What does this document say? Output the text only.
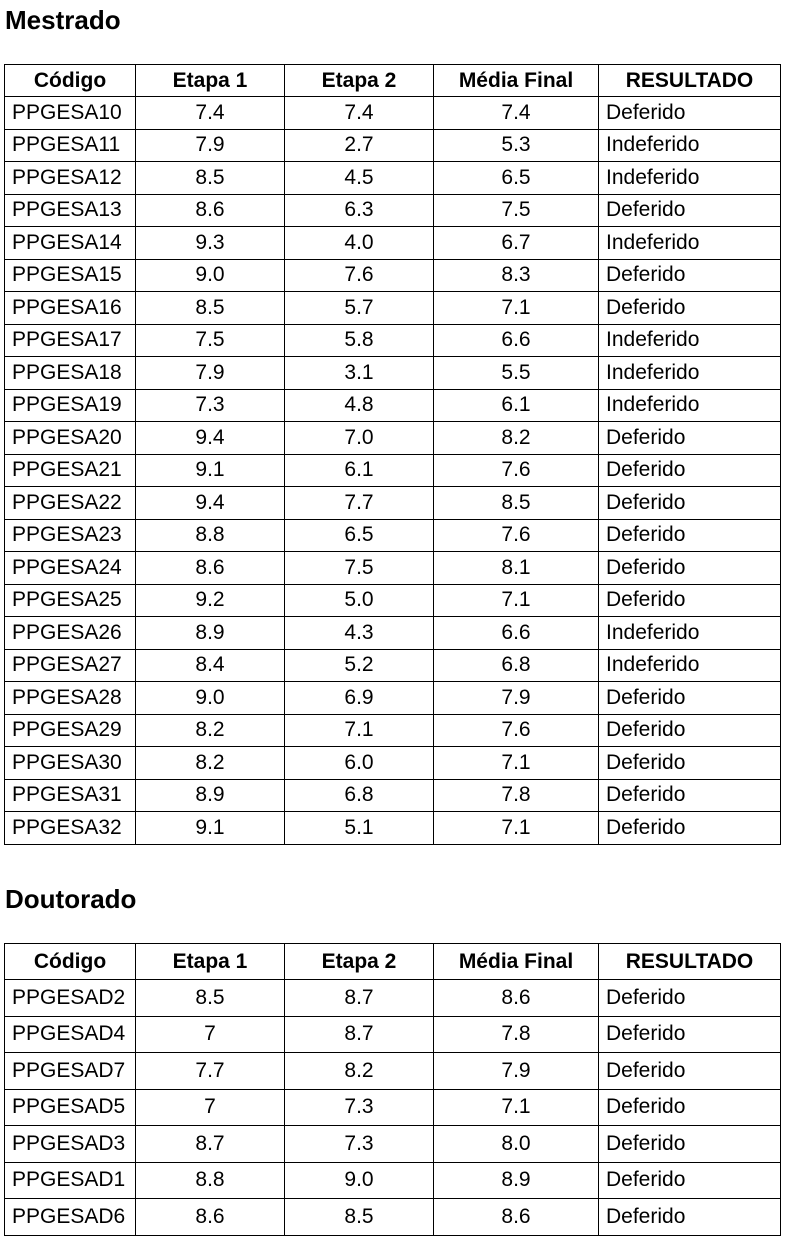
Mestrado
Código	Etapa 1	Etapa 2	Média Final	RESULTADO
PPGESA10	7.4	7.4	7.4	Deferido
PPGESA11	7.9	2.7	5.3	Indeferido
PPGESA12	8.5	4.5	6.5	Indeferido
PPGESA13	8.6	6.3	7.5	Deferido
PPGESA14	9.3	4.0	6.7	Indeferido
PPGESA15	9.0	7.6	8.3	Deferido
PPGESA16	8.5	5.7	7.1	Deferido
PPGESA17	7.5	5.8	6.6	Indeferido
PPGESA18	7.9	3.1	5.5	Indeferido
PPGESA19	7.3	4.8	6.1	Indeferido
PPGESA20	9.4	7.0	8.2	Deferido
PPGESA21	9.1	6.1	7.6	Deferido
PPGESA22	9.4	7.7	8.5	Deferido
PPGESA23	8.8	6.5	7.6	Deferido
PPGESA24	8.6	7.5	8.1	Deferido
PPGESA25	9.2	5.0	7.1	Deferido
PPGESA26	8.9	4.3	6.6	Indeferido
PPGESA27	8.4	5.2	6.8	Indeferido
PPGESA28	9.0	6.9	7.9	Deferido
PPGESA29	8.2	7.1	7.6	Deferido
PPGESA30	8.2	6.0	7.1	Deferido
PPGESA31	8.9	6.8	7.8	Deferido
PPGESA32	9.1	5.1	7.1	Deferido
Doutorado
Código	Etapa 1	Etapa 2	Média Final	RESULTADO
PPGESAD2	8.5	8.7	8.6	Deferido
PPGESAD4	7	8.7	7.8	Deferido
PPGESAD7	7.7	8.2	7.9	Deferido
PPGESAD5	7	7.3	7.1	Deferido
PPGESAD3	8.7	7.3	8.0	Deferido
PPGESAD1	8.8	9.0	8.9	Deferido
PPGESAD6	8.6	8.5	8.6	Deferido
